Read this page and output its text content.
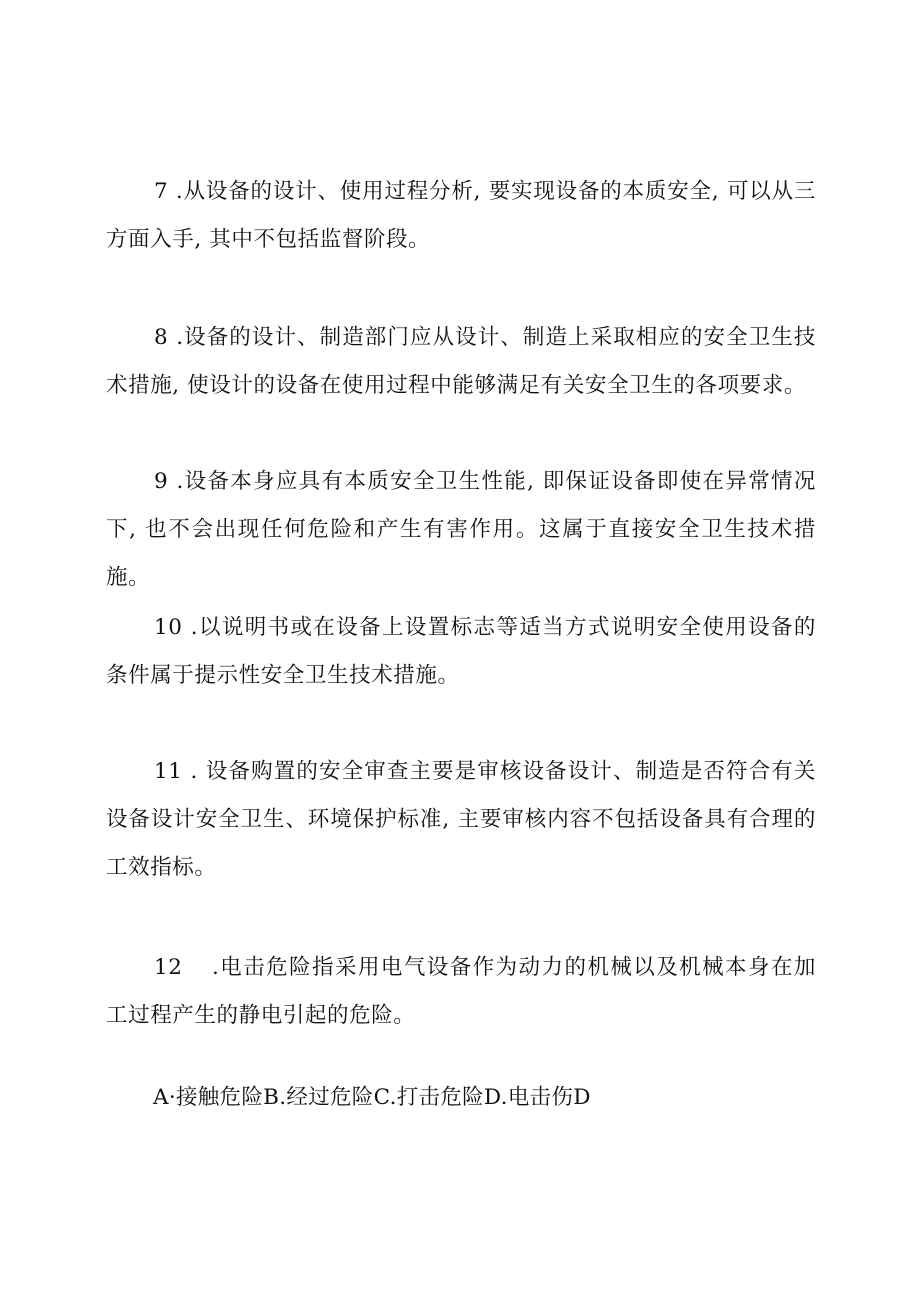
7 .从设备的设计、使用过程分析, 要实现设备的本质安全, 可以从三方面入手, 其中不包括监督阶段。
8 .设备的设计、制造部门应从设计、制造上采取相应的安全卫生技术措施, 使设计的设备在使用过程中能够满足有关安全卫生的各项要求。
9 .设备本身应具有本质安全卫生性能, 即保证设备即使在异常情况下, 也不会出现任何危险和产生有害作用。这属于直接安全卫生技术措施。
10 .以说明书或在设备上设置标志等适当方式说明安全使用设备的条件属于提示性安全卫生技术措施。
11 . 设备购置的安全审查主要是审核设备设计、制造是否符合有关设备设计安全卫生、环境保护标准, 主要审核内容不包括设备具有合理的工效指标。
12 .电击危险指采用电气设备作为动力的机械以及机械本身在加工过程产生的静电引起的危险。
A·接触危险B.经过危险C.打击危险D.电击伤D
